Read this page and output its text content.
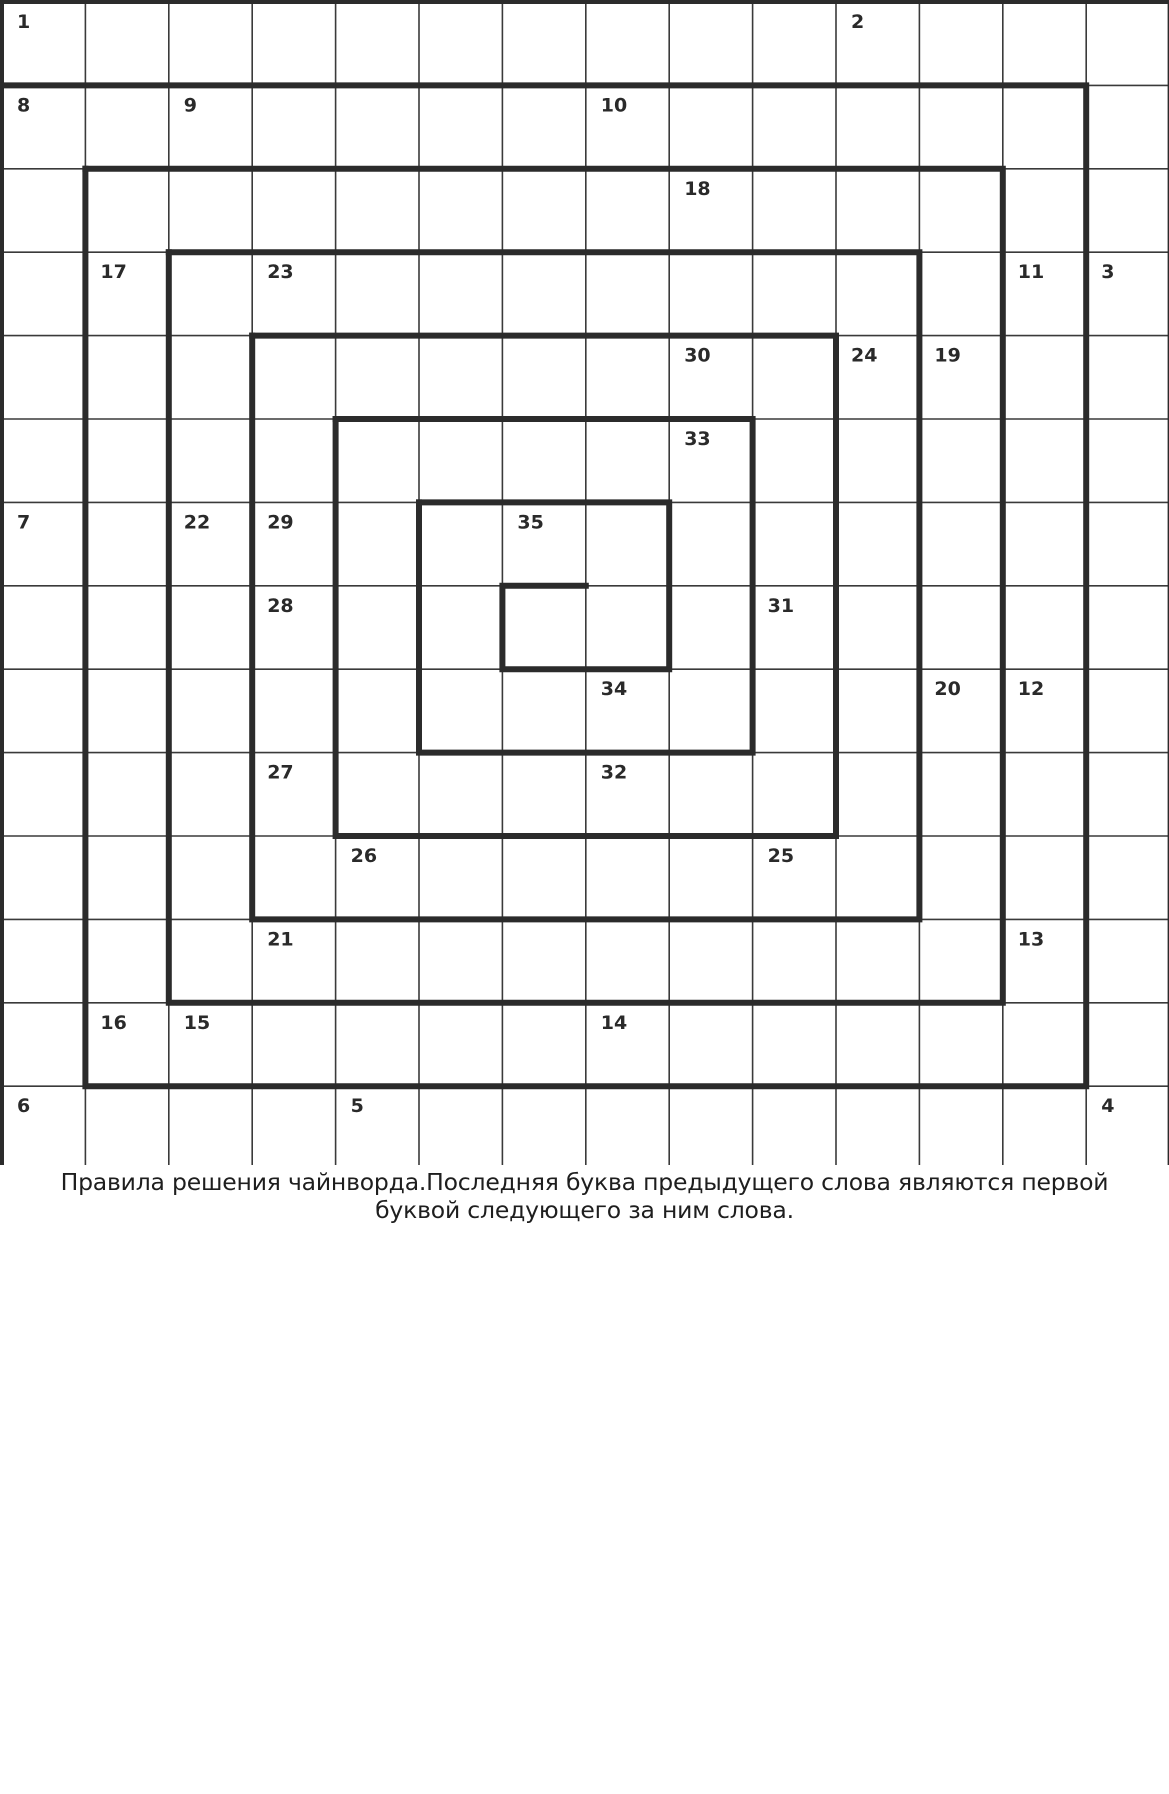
1	2
8	9	10
18
17	23	11	3
30	24	19
33
7	22	29	35
28	31
34	20	12
27	32
26	25
21	13
16	15	14
6	5	4
Правила решения чайнворда.Последняя буква предыдущего слова являются первой
буквой следующего за ним слова.
